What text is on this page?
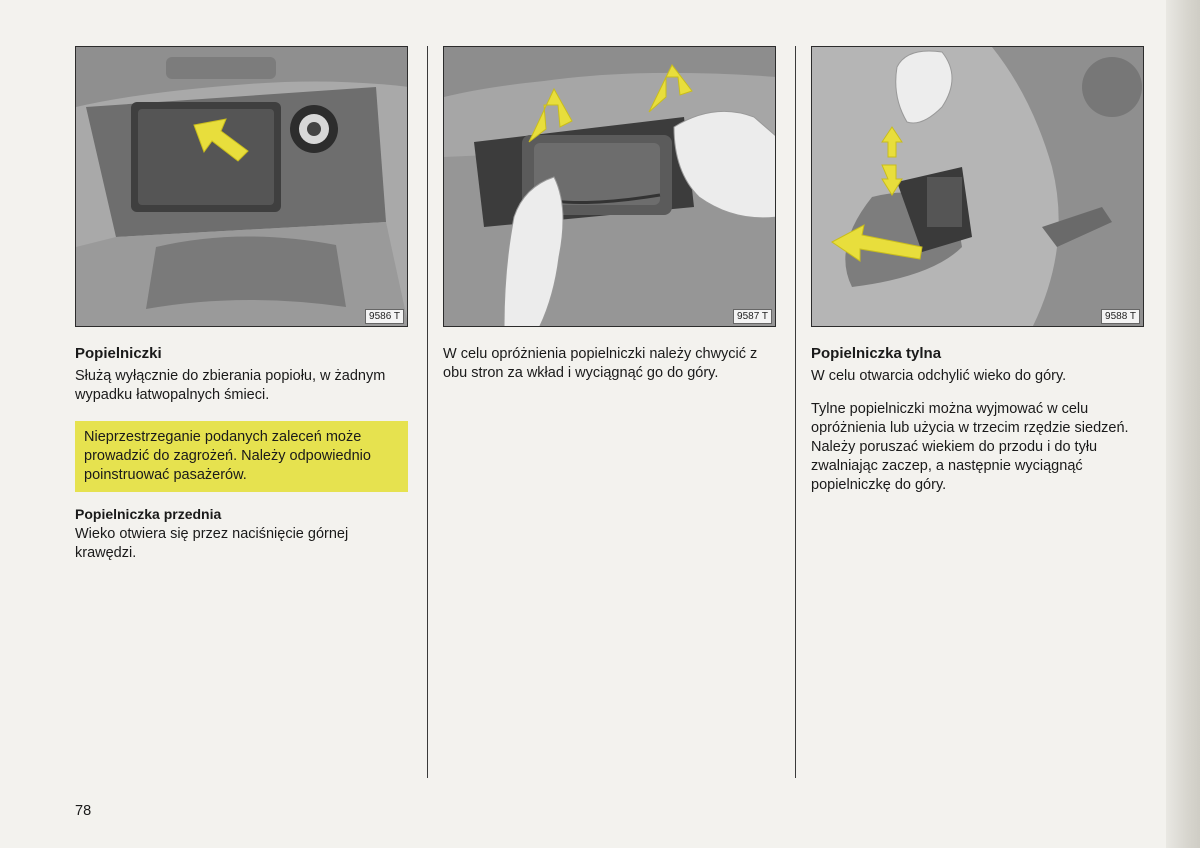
9586 T
Popielniczki

Służą wyłącznie do zbierania popiołu, w żadnym wypadku łatwopalnych śmieci.

Nieprzestrzeganie podanych zaleceń może prowadzić do zagrożeń. Należy odpowiednio poinstruować pasażerów.

Popielniczka przednia

Wieko otwiera się przez naciśnięcie górnej krawędzi.

9587 T

W celu opróżnienia popielniczki należy chwycić z obu stron za wkład i wyciągnąć go do góry.

9588 T
Popielniczka tylna

W celu otwarcia odchylić wieko do góry.

Tylne popielniczki można wyjmować w celu opróżnienia lub użycia w trzecim rzędzie siedzeń. Należy poruszać wiekiem do przodu i do tyłu zwalniając zaczep, a następnie wyciągnąć popielniczkę do góry.

78
